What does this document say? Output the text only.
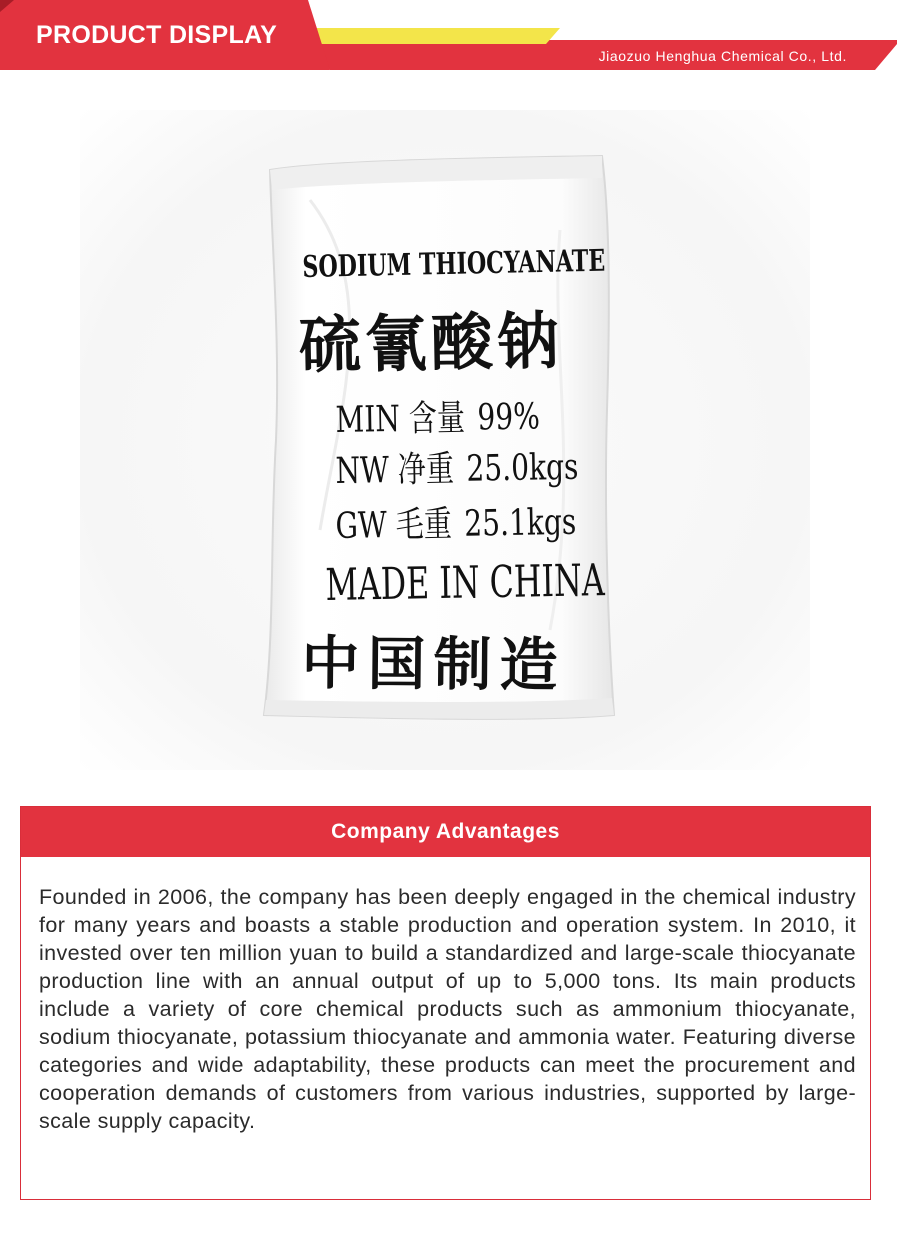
PRODUCT DISPLAY
Jiaozuo Henghua Chemical Co., Ltd.
SODIUM THIOCYANATE
硫氰酸钠
MIN 含量 99%
NW 净重 25.0kgs
GW 毛重 25.1kgs
MADE IN CHINA
中国制造
Company Advantages
Founded in 2006, the company has been deeply engaged in the chemical industry for many years and boasts a stable production and operation system. In 2010, it invested over ten million yuan to build a standardized and large-scale thiocyanate production line with an annual output of up to 5,000 tons. Its main products include a variety of core chemical products such as ammonium thiocyanate, sodium thiocyanate, potassium thiocyanate and ammonia water. Featuring diverse categories and wide adaptability, these products can meet the procurement and cooperation demands of customers from various industries, supported by large-scale supply capacity.
